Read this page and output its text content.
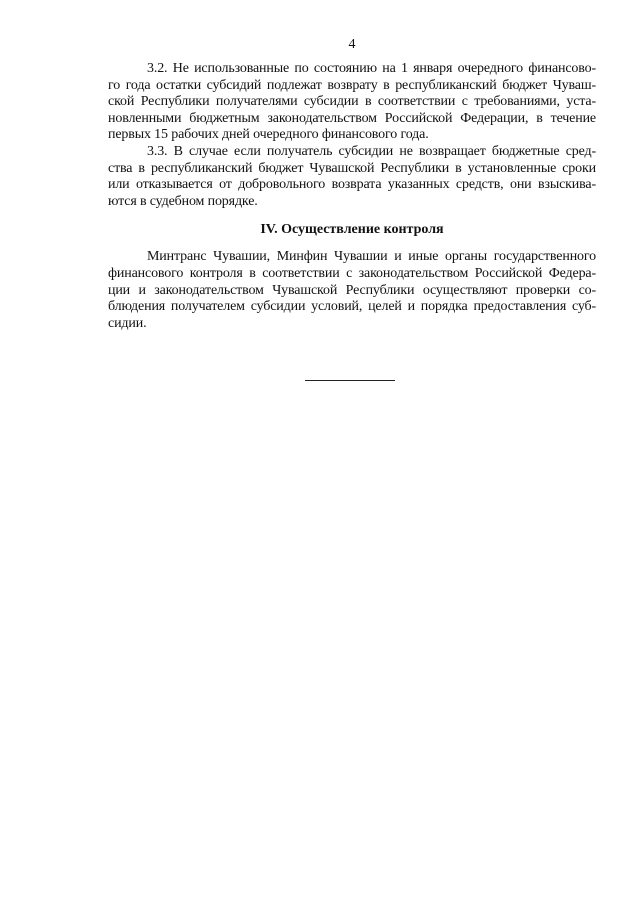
4
3.2. Не использованные по состоянию на 1 января очередного финансово-
го года остатки субсидий подлежат возврату в республиканский бюджет Чуваш-
ской Республики получателями субсидии в соответствии с требованиями, уста-
новленными бюджетным законодательством Российской Федерации, в течение
первых 15 рабочих дней очередного финансового года.
3.3. В случае если получатель субсидии не возвращает бюджетные сред-
ства в республиканский бюджет Чувашской Республики в установленные сроки
или отказывается от добровольного возврата указанных средств, они взыскива-
ются в судебном порядке.
IV. Осуществление контроля
Минтранс Чувашии, Минфин Чувашии и иные органы государственного
финансового контроля в соответствии с законодательством Российской Федера-
ции и законодательством Чувашской Республики осуществляют проверки со-
блюдения получателем субсидии условий, целей и порядка предоставления суб-
сидии.
